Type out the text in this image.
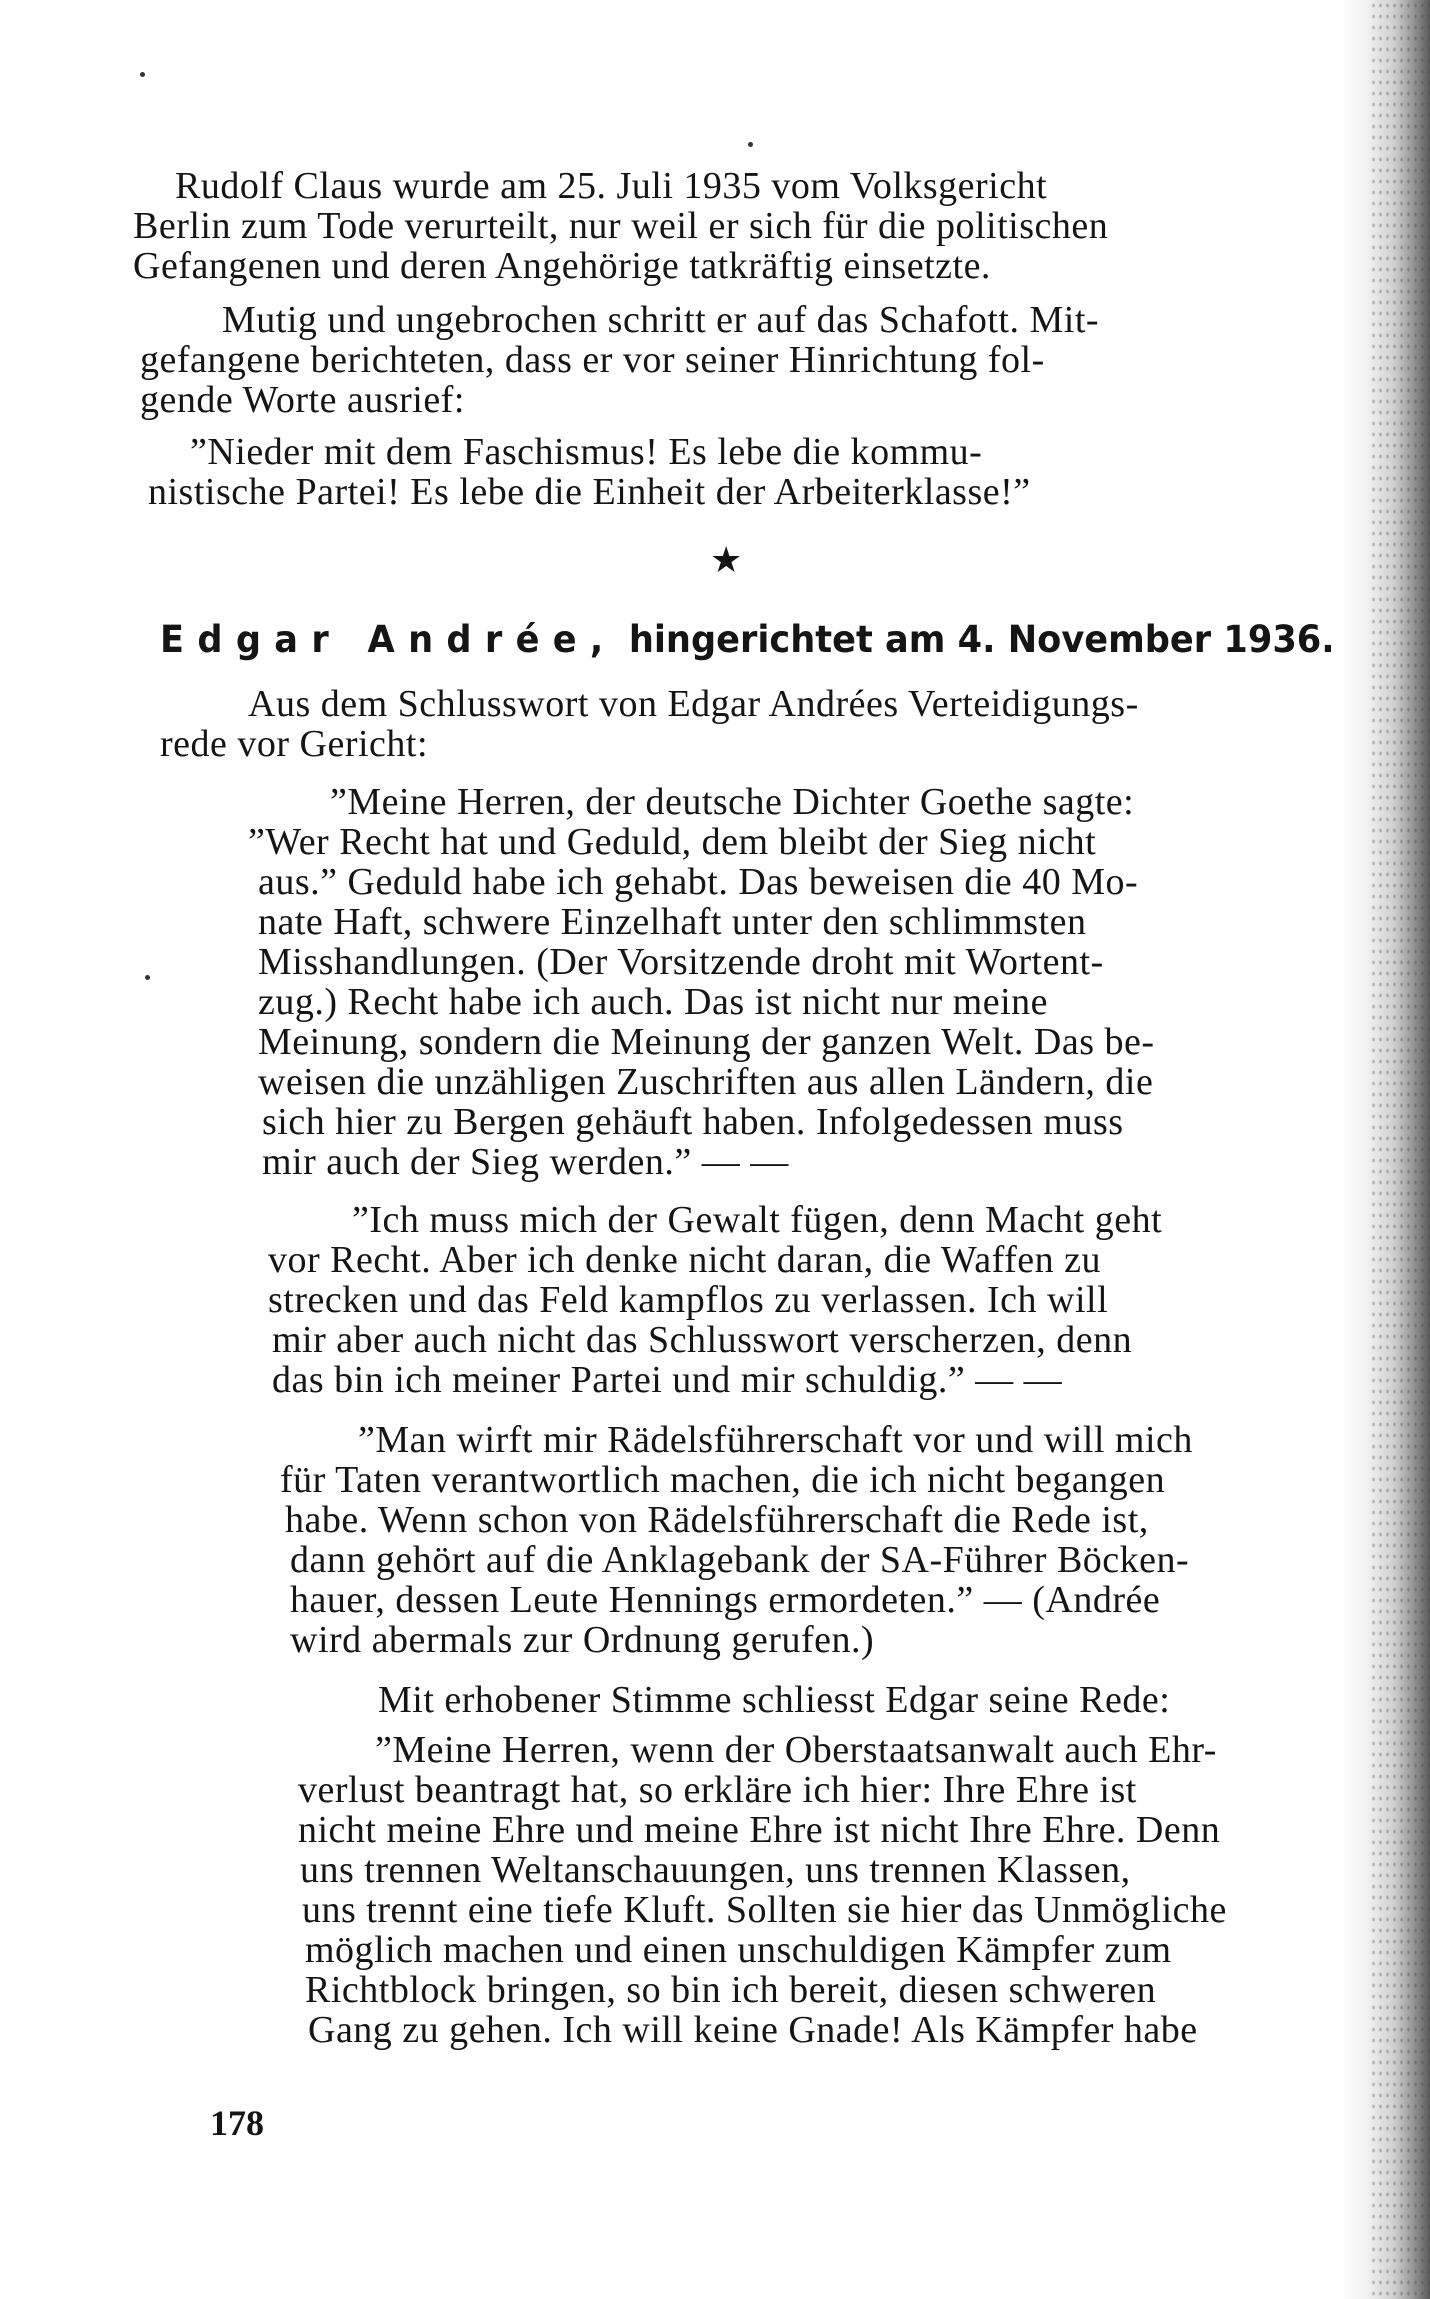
Rudolf Claus wurde am 25. Juli 1935 vom Volksgericht

Berlin zum Tode verurteilt, nur weil er sich für die politischen

Gefangenen und deren Angehörige tatkräftig einsetzte.

Mutig und ungebrochen schritt er auf das Schafott. Mit-

gefangene berichteten, dass er vor seiner Hinrichtung fol-

gende Worte ausrief:

”Nieder mit dem Faschismus! Es lebe die kommu-

nistische Partei! Es lebe die Einheit der Arbeiterklasse!”

★

Edgar Andrée, hingerichtet am 4. November 1936.

Aus dem Schlusswort von Edgar Andrées Verteidigungs-

rede vor Gericht:

”Meine Herren, der deutsche Dichter Goethe sagte:

”Wer Recht hat und Geduld, dem bleibt der Sieg nicht

aus.” Geduld habe ich gehabt. Das beweisen die 40 Mo-

nate Haft, schwere Einzelhaft unter den schlimmsten

Misshandlungen. (Der Vorsitzende droht mit Wortent-

zug.) Recht habe ich auch. Das ist nicht nur meine

Meinung, sondern die Meinung der ganzen Welt. Das be-

weisen die unzähligen Zuschriften aus allen Ländern, die

sich hier zu Bergen gehäuft haben. Infolgedessen muss

mir auch der Sieg werden.” — —

”Ich muss mich der Gewalt fügen, denn Macht geht

vor Recht. Aber ich denke nicht daran, die Waffen zu

strecken und das Feld kampflos zu verlassen. Ich will

mir aber auch nicht das Schlusswort verscherzen, denn

das bin ich meiner Partei und mir schuldig.” — —

”Man wirft mir Rädelsführerschaft vor und will mich

für Taten verantwortlich machen, die ich nicht begangen

habe. Wenn schon von Rädelsführerschaft die Rede ist,

dann gehört auf die Anklagebank der SA-Führer Böcken-

hauer, dessen Leute Hennings ermordeten.” — (Andrée

wird abermals zur Ordnung gerufen.)

Mit erhobener Stimme schliesst Edgar seine Rede:

”Meine Herren, wenn der Oberstaatsanwalt auch Ehr-

verlust beantragt hat, so erkläre ich hier: Ihre Ehre ist

nicht meine Ehre und meine Ehre ist nicht Ihre Ehre. Denn

uns trennen Weltanschauungen, uns trennen Klassen,

uns trennt eine tiefe Kluft. Sollten sie hier das Unmögliche

möglich machen und einen unschuldigen Kämpfer zum

Richtblock bringen, so bin ich bereit, diesen schweren

Gang zu gehen. Ich will keine Gnade! Als Kämpfer habe

178
